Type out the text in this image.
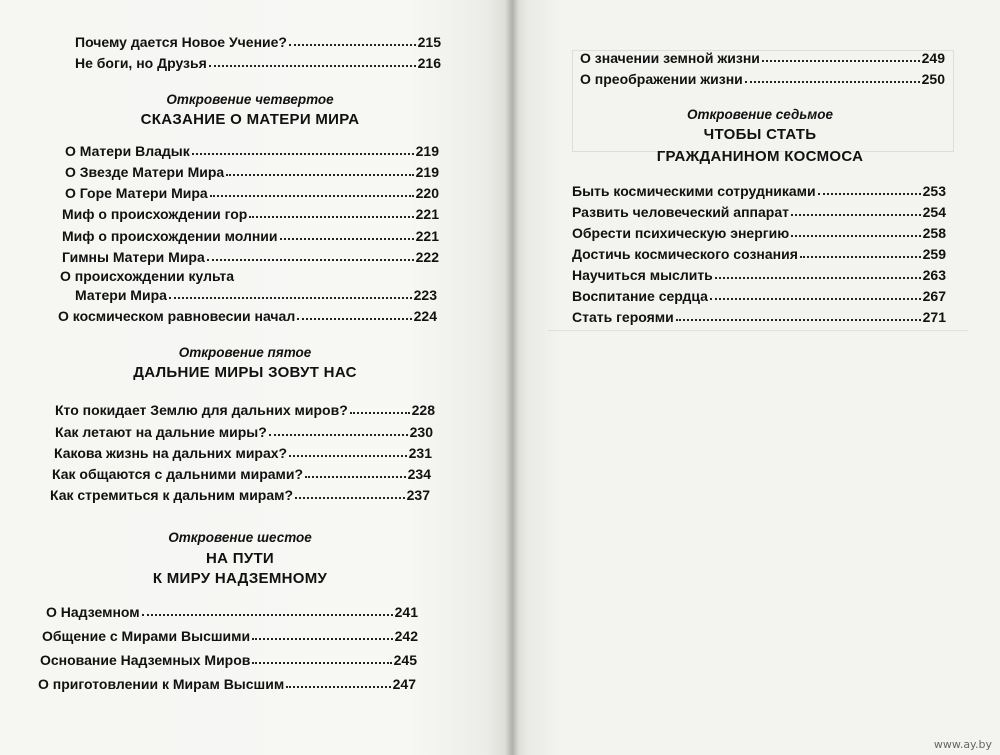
Почему дается Новое Учение?	215
Не боги, но Друзья	216
Откровение четвертое
СКАЗАНИЕ О МАТЕРИ МИРА
О Матери Владык	219
О Звезде Матери Мира	219
О Горе Матери Мира	220
Миф о происхождении гор	221
Миф о происхождении молнии	221
Гимны Матери Мира	222
О происхождении культа
Матери Мира	223
О космическом равновесии начал	224
Откровение пятое
ДАЛЬНИЕ МИРЫ ЗОВУТ НАС
Кто покидает Землю для дальних миров?	228
Как летают на дальние миры?	230
Какова жизнь на дальних мирах?	231
Как общаются с дальними мирами?	234
Как стремиться к дальним мирам?	237
Откровение шестое
НА ПУТИ
К МИРУ НАДЗЕМНОМУ
О Надземном	241
Общение с Мирами Высшими	242
Основание Надземных Миров	245
О приготовлении к Мирам Высшим	247
О значении земной жизни	249
О преображении жизни	250
Откровение седьмое
ЧТОБЫ СТАТЬ
ГРАЖДАНИНОМ КОСМОСА
Быть космическими сотрудниками	253
Развить человеческий аппарат	254
Обрести психическую энергию	258
Достичь космического сознания	259
Научиться мыслить	263
Воспитание сердца	267
Стать героями	271
www.ay.by
